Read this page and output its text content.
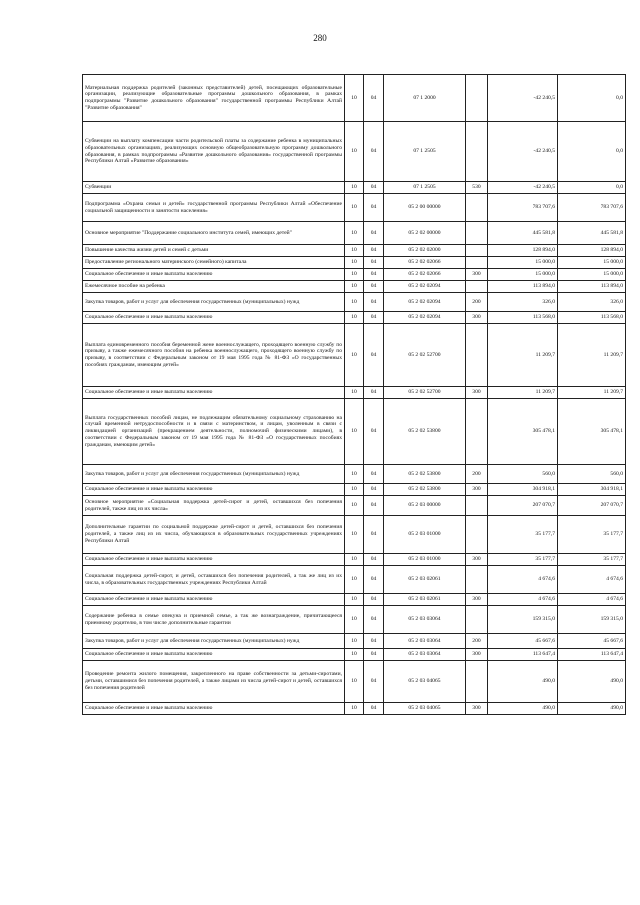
280
Материальная поддержка родителей (законных представителей) детей, посещающих образовательные организации, реализующие образовательные программы дошкольного образования, в рамках подпрограммы "Развитие дошкольного образования" государственной программы Республики Алтай "Развитие образования"	10	04	07 1 2000		-42 240,5	0,0
Субвенции на выплату компенсации части родительской платы за содержание ребенка в муниципальных образовательных организациях, реализующих основную общеобразовательную программу дошкольного образования, в рамках подпрограммы «Развитие дошкольного образования» государственной программы Республики Алтай «Развитие образования»	10	04	07 1 2505		-42 240,5	0,0
Субвенции	10	04	07 1 2505	530	-42 240,5	0,0
Подпрограмма «Охрана семьи и детей» государственной программы Республики Алтай «Обеспечение социальной защищенности и занятости населения»	10	04	05 2 00 00000		783 707,6	783 707,6
Основное мероприятие "Поддержание социального института семей, имеющих детей"	10	04	05 2 02 00000		445 581,8	445 581,8
Повышение качества жизни детей и семей с детьми	10	04	05 2 02 02000		128 894,0	128 894,0
Предоставление регионального материнского (семейного) капитала	10	04	05 2 02 02066		15 000,0	15 000,0
Социальное обеспечение и иные выплаты населению	10	04	05 2 02 02066	300	15 000,0	15 000,0
Ежемесячное пособие на ребенка	10	04	05 2 02 02094		113 894,0	113 894,0
Закупка товаров, работ и услуг для обеспечения государственных (муниципальных) нужд	10	04	05 2 02 02094	200	326,0	326,0
Социальное обеспечение и иные выплаты населению	10	04	05 2 02 02094	300	113 568,0	113 568,0
Выплата единовременного пособия беременной жене военнослужащего, проходящего военную службу по призыву, а также ежемесячного пособия на ребенка военнослужащего, проходящего военную службу по призыву, в соответствии с Федеральным законом от 19 мая 1995 года № 81-ФЗ «О государственных пособиях гражданам, имеющим детей»	10	04	05 2 02 52700		11 209,7	11 209,7
Социальное обеспечение и иные выплаты населению	10	04	05 2 02 52700	300	11 209,7	11 209,7
Выплата государственных пособий лицам, не подлежащим обязательному социальному страхованию на случай временной нетрудоспособности и в связи с материнством, и лицам, уволенным в связи с ликвидацией организаций (прекращением деятельности, полномочий физическими лицами), в соответствии с Федеральным законом от 19 мая 1995 года № 81-ФЗ «О государственных пособиях гражданам, имеющим детей»	10	04	05 2 02 53800		305 478,1	305 478,1
Закупка товаров, работ и услуг для обеспечения государственных (муниципальных) нужд	10	04	05 2 02 53800	200	560,0	560,0
Социальное обеспечение и иные выплаты населению	10	04	05 2 02 53800	300	304 918,1	304 918,1
Основное мероприятие «Социальная поддержка детей-сирот и детей, оставшихся без попечения родителей, также лиц из их числа»	10	04	05 2 03 00000		207 070,7	207 070,7
Дополнительные гарантии по социальной поддержке детей-сирот и детей, оставшихся без попечения родителей, а также лиц из их числа, обучающихся в образовательных государственных учреждениях Республики Алтай	10	04	05 2 03 01000		35 177,7	35 177,7
Социальное обеспечение и иные выплаты населению	10	04	05 2 03 01000	300	35 177,7	35 177,7
Социальная поддержка детей-сирот, и детей, оставшихся без попечения родителей, а так же лиц из их числа, в образовательных государственных учреждениях Республики Алтай	10	04	05 2 03 02061		4 674,6	4 674,6
Социальное обеспечение и иные выплаты населению	10	04	05 2 03 02061	300	4 674,6	4 674,6
Содержание ребенка в семье опекуна и приемной семье, а так же вознаграждение, причитающееся приемному родителю, в том числе дополнительные гарантии	10	04	05 2 03 03064		159 315,0	159 315,0
Закупка товаров, работ и услуг для обеспечения государственных (муниципальных) нужд	10	04	05 2 03 03064	200	45 667,6	45 667,6
Социальное обеспечение и иные выплаты населению	10	04	05 2 03 03064	300	113 647,4	113 647,4
Проведение ремонта жилого помещения, закрепленного на праве собственности за детьми-сиротами, детьми, оставшимися без попечения родителей, а также лицами из числа детей-сирот и детей, оставшихся без попечения родителей	10	04	05 2 03 04065		490,0	490,0
Социальное обеспечение и иные выплаты населению	10	04	05 2 03 04065	300	490,0	490,0
